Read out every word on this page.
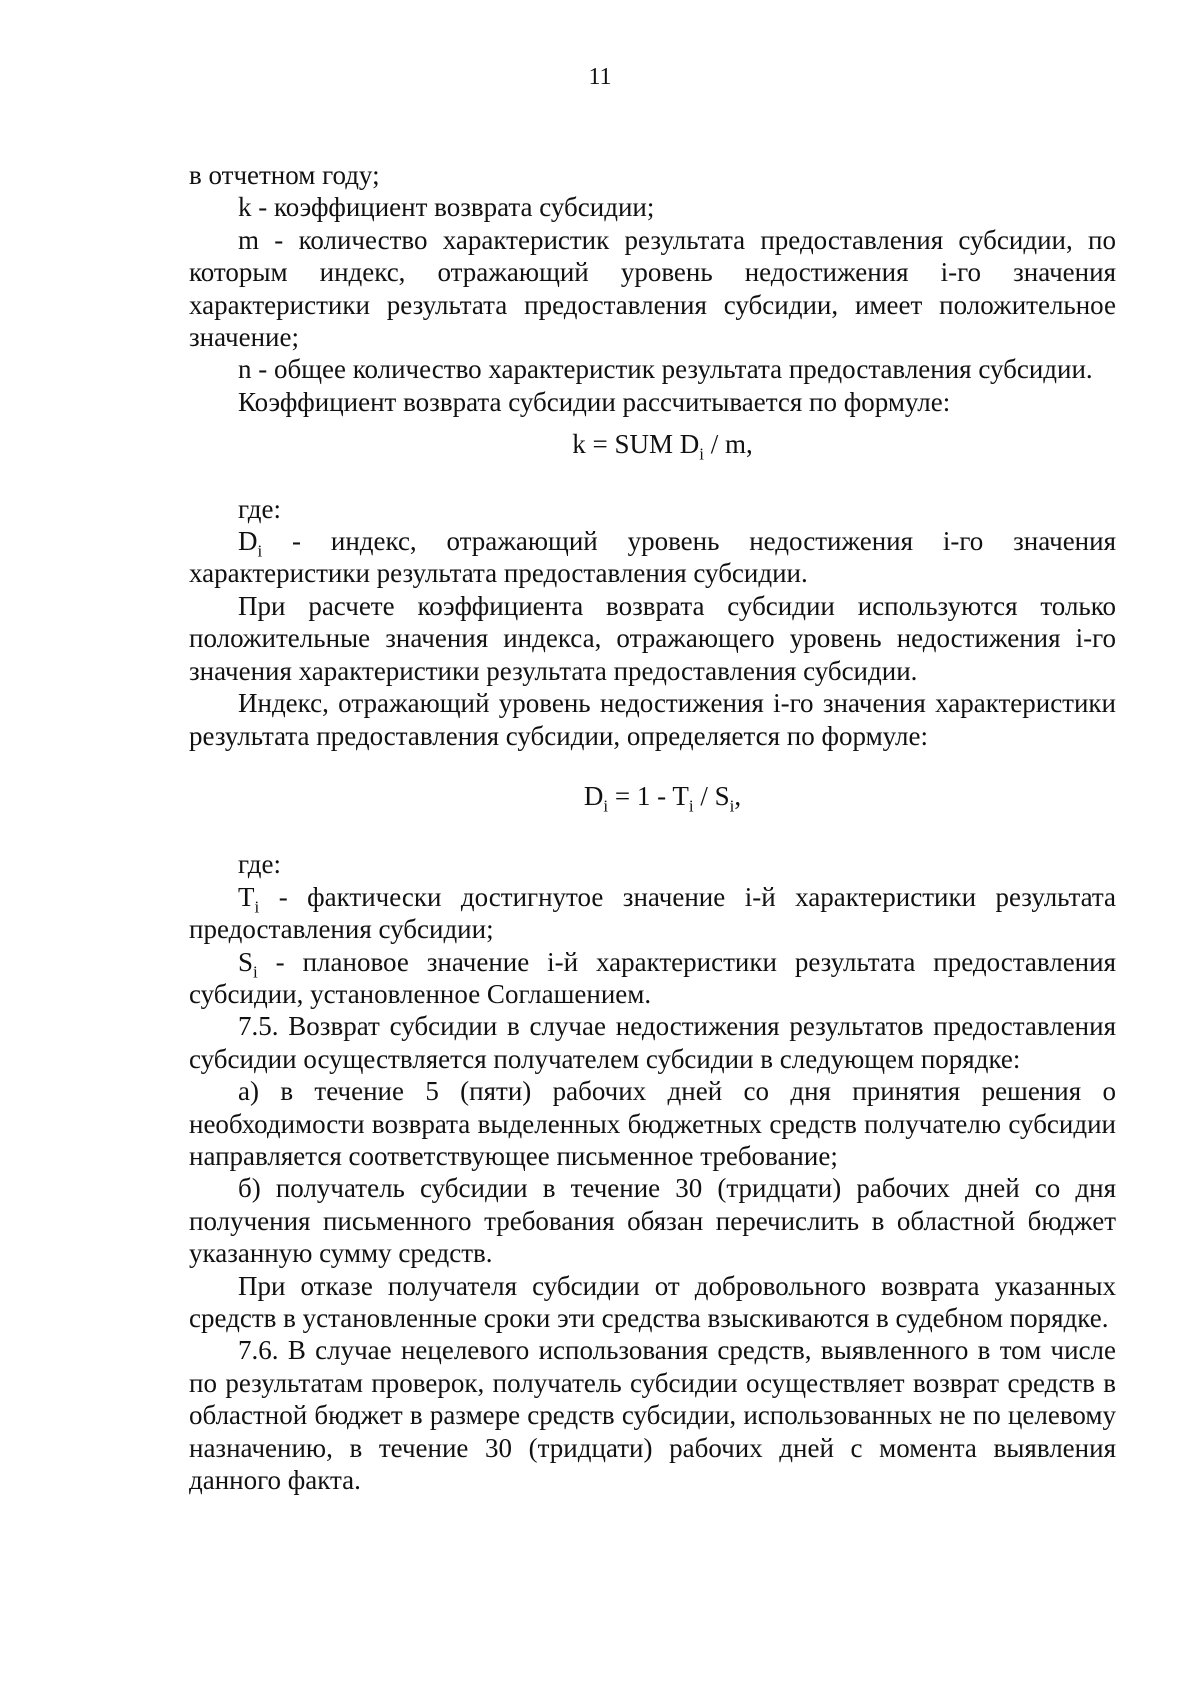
11

в отчетном году;

k - коэффициент возврата субсидии;

m - количество характеристик результата предоставления субсидии, по которым индекс, отражающий уровень недостижения i-го значения характеристики результата предоставления субсидии, имеет положительное значение;

n - общее количество характеристик результата предоставления субсидии.

Коэффициент возврата субсидии рассчитывается по формуле:

k = SUM $D_i$ / m,

где:

$D_i$ - индекс, отражающий уровень недостижения i-го значения характеристики результата предоставления субсидии.

При расчете коэффициента возврата субсидии используются только положительные значения индекса, отражающего уровень недостижения i-го значения характеристики результата предоставления субсидии.

Индекс, отражающий уровень недостижения i-го значения характеристики результата предоставления субсидии, определяется по формуле:

$D_i = 1 - T_i / S_i$,

где:

$T_i$ - фактически достигнутое значение i-й характеристики результата предоставления субсидии;

$S_i$ - плановое значение i-й характеристики результата предоставления субсидии, установленное Соглашением.

7.5. Возврат субсидии в случае недостижения результатов предоставления субсидии осуществляется получателем субсидии в следующем порядке:

а) в течение 5 (пяти) рабочих дней со дня принятия решения о необходимости возврата выделенных бюджетных средств получателю субсидии направляется соответствующее письменное требование;

б) получатель субсидии в течение 30 (тридцати) рабочих дней со дня получения письменного требования обязан перечислить в областной бюджет указанную сумму средств.

При отказе получателя субсидии от добровольного возврата указанных средств в установленные сроки эти средства взыскиваются в судебном порядке.

7.6. В случае нецелевого использования средств, выявленного в том числе по результатам проверок, получатель субсидии осуществляет возврат средств в областной бюджет в размере средств субсидии, использованных не по целевому назначению, в течение 30 (тридцати) рабочих дней с момента выявления данного факта.
